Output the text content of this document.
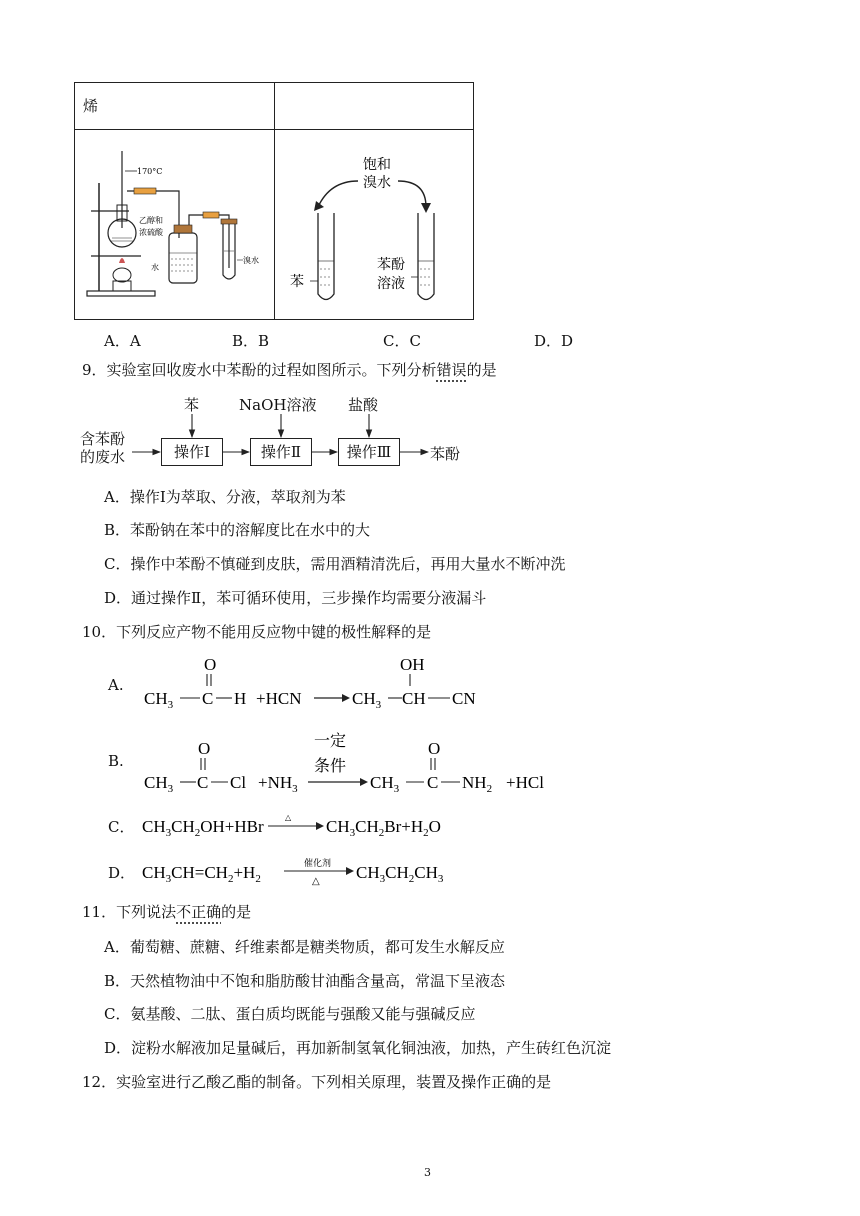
烯
170°C
乙醇和
浓硫酸
水
溴水
饱和
溴水
苯
苯酚
溶液
A．A	B．B	C．C	D．D
9．实验室回收废水中苯酚的过程如图所示。下列分析错误的是
含苯酚
的废水
苯	NaOH溶液 盐酸
操作Ⅰ	操作Ⅱ	操作Ⅲ	苯酚
A．操作Ⅰ为萃取、分液，萃取剂为苯
B．苯酚钠在苯中的溶解度比在水中的大
C．操作中苯酚不慎碰到皮肤，需用酒精清洗后，再用大量水不断冲洗
D．通过操作Ⅱ，苯可循环使用，三步操作均需要分液漏斗
10．下列反应产物不能用反应物中键的极性解释的是
A.
O
$CH_3$ C H +HCN	$CH_3$
OH
CH CN
B.
O
$CH_3$ C $Cl +NH_3$
一定
条件
$CH_3$
O
C $NH_2 +HCl$
C． $CH_3CH_2OH+HBr$	△ $CH_3CH_2Br+H_2O$
D． $CH_3CH=CH_2+H_2$
催化剂
△ $CH_3CH_2CH_3$
11．下列说法不正确的是
A．葡萄糖、蔗糖、纤维素都是糖类物质，都可发生水解反应
B．天然植物油中不饱和脂肪酸甘油酯含量高，常温下呈液态
C．氨基酸、二肽、蛋白质均既能与强酸又能与强碱反应
D．淀粉水解液加足量碱后，再加新制氢氧化铜浊液，加热，产生砖红色沉淀
12．实验室进行乙酸乙酯的制备。下列相关原理，装置及操作正确的是
3
